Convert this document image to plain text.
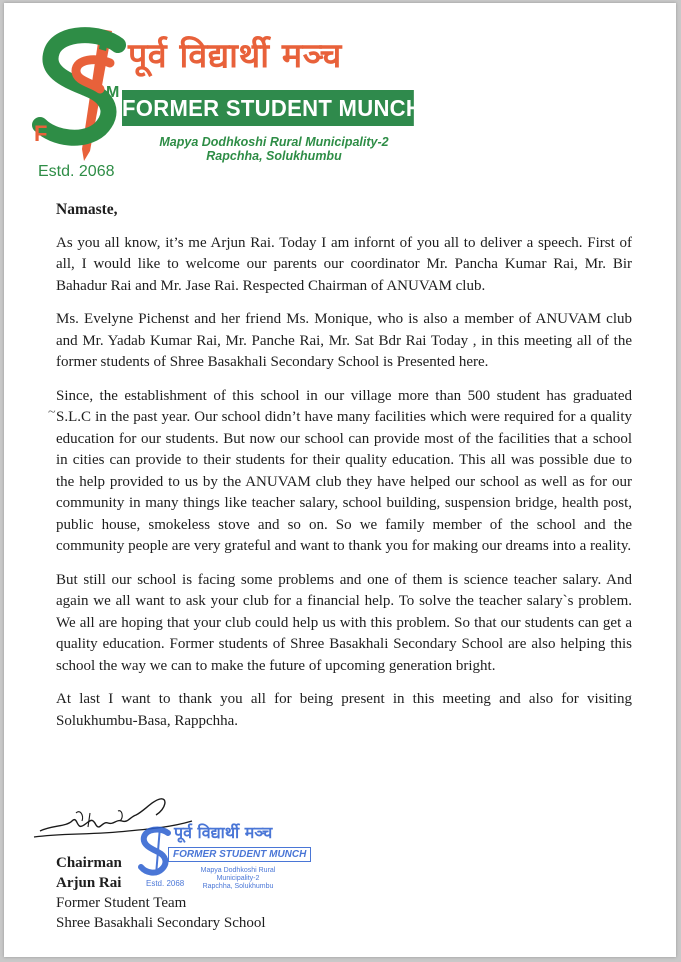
F
M
पूर्व विद्यार्थी मञ्च
FORMER STUDENT MUNCH
Mapya Dodhkoshi Rural Municipality-2
Rapchha, Solukhumbu
Estd. 2068
~

Namaste,

As you all know, it’s me Arjun Rai. Today I am infornt of you all to deliver a speech. First of all, I would like to welcome our parents our coordinator Mr. Pancha Kumar Rai, Mr. Bir Bahadur Rai and Mr. Jase Rai. Respected Chairman of ANUVAM club.

Ms. Evelyne Pichenst and her friend Ms. Monique, who is also a member of ANUVAM club and Mr. Yadab Kumar Rai, Mr. Panche Rai, Mr. Sat Bdr Rai Today , in this meeting all of the former students of Shree Basakhali Secondary School is Presented here.

Since, the establishment of this school in our village more than 500 student has graduated S.L.C in the past year. Our school didn’t have many facilities which were required for a quality education for our students. But now our school can provide most of the facilities that a school in cities can provide to their students for their quality education. This all was possible due to the help provided to us by the ANUVAM club they have helped our school as well as for our community in many things like teacher salary, school building, suspension bridge, health post, public house, smokeless stove and so on. So we family member of the school and the community people are very grateful and want to thank you for making our dreams into a reality.

But still our school is facing some problems and one of them is science teacher salary. And again we all want to ask your club for a financial help. To solve the teacher salary`s problem. We all are hoping that your club could help us with this problem. So that our students can get a quality education. Former students of Shree Basakhali Secondary School are also helping this school the way we can to make the future of upcoming generation bright.

At last I want to thank you all for being present in this meeting and also for visiting Solukhumbu-Basa, Rappchha.

पूर्व विद्यार्थी मञ्च
FORMER STUDENT MUNCH
Mapya Dodhkoshi Rural Municipality-2
Rapchha, Solukhumbu
Estd. 2068
Chairman
Arjun Rai
Former Student Team
Shree Basakhali Secondary School
